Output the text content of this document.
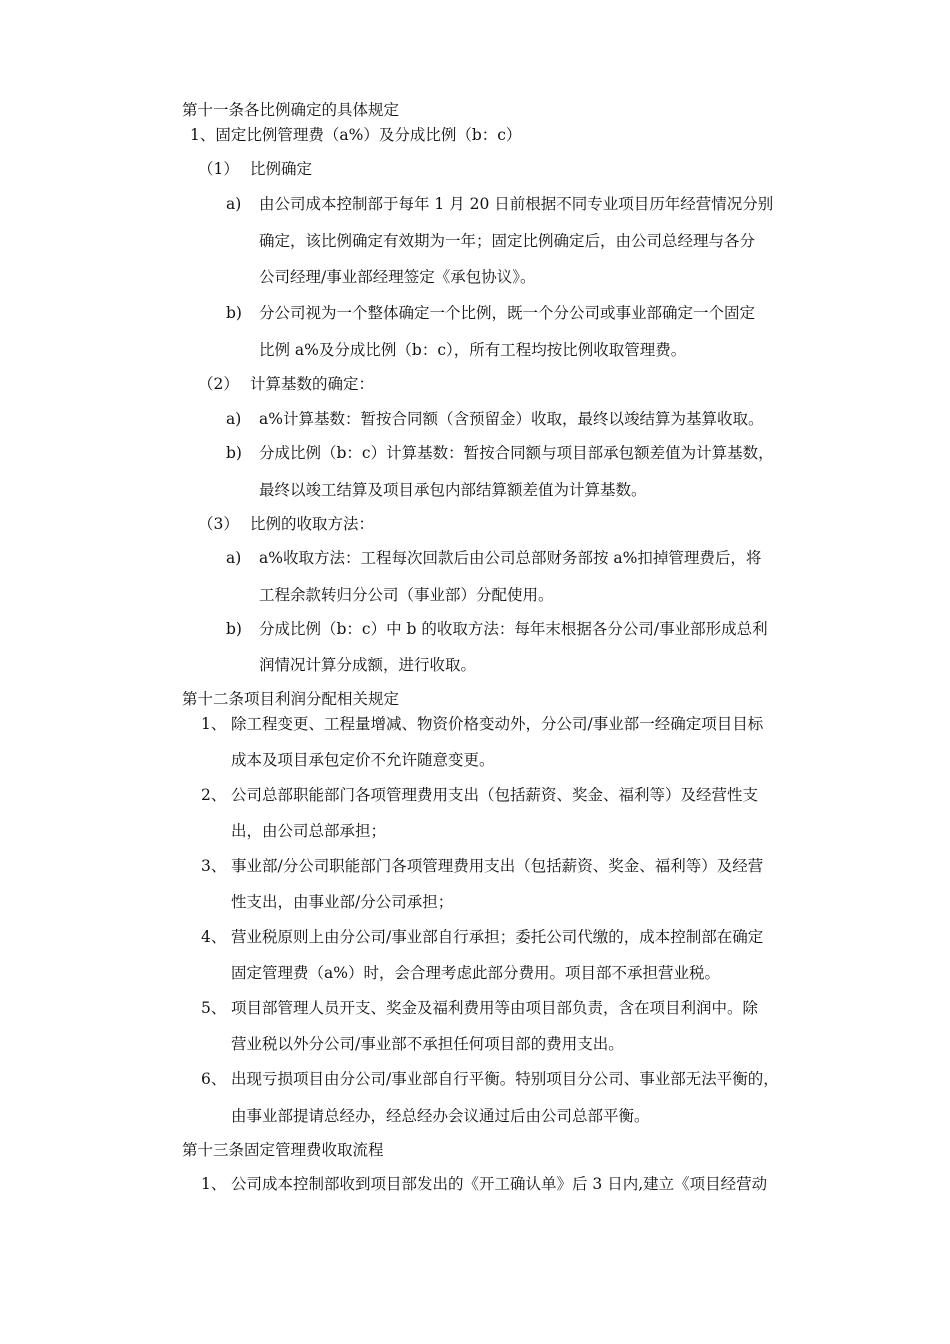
第十一条各比例确定的具体规定
1、固定比例管理费（a%）及分成比例（b：c）
（1） 比例确定
a) 由公司成本控制部于每年 1 月 20 日前根据不同专业项目历年经营情况分别
确定，该比例确定有效期为一年；固定比例确定后，由公司总经理与各分
公司经理/事业部经理签定《承包协议》。
b) 分公司视为一个整体确定一个比例，既一个分公司或事业部确定一个固定
比例 a%及分成比例（b：c），所有工程均按比例收取管理费。
（2） 计算基数的确定：
a) a%计算基数：暂按合同额（含预留金）收取，最终以竣结算为基算收取。
b) 分成比例（b：c）计算基数：暂按合同额与项目部承包额差值为计算基数，
最终以竣工结算及项目承包内部结算额差值为计算基数。
（3） 比例的收取方法：
a) a%收取方法：工程每次回款后由公司总部财务部按 a%扣掉管理费后，将
工程余款转归分公司（事业部）分配使用。
b) 分成比例（b：c）中 b 的收取方法：每年末根据各分公司/事业部形成总利
润情况计算分成额，进行收取。
第十二条项目利润分配相关规定
1、 除工程变更、工程量增减、物资价格变动外，分公司/事业部一经确定项目目标
成本及项目承包定价不允许随意变更。
2、 公司总部职能部门各项管理费用支出（包括薪资、奖金、福利等）及经营性支
出，由公司总部承担；
3、 事业部/分公司职能部门各项管理费用支出（包括薪资、奖金、福利等）及经营
性支出，由事业部/分公司承担；
4、 营业税原则上由分公司/事业部自行承担；委托公司代缴的，成本控制部在确定
固定管理费（a%）时，会合理考虑此部分费用。项目部不承担营业税。
5、 项目部管理人员开支、奖金及福利费用等由项目部负责，含在项目利润中。除
营业税以外分公司/事业部不承担任何项目部的费用支出。
6、 出现亏损项目由分公司/事业部自行平衡。特别项目分公司、事业部无法平衡的，
由事业部提请总经办，经总经办会议通过后由公司总部平衡。
第十三条固定管理费收取流程
1、 公司成本控制部收到项目部发出的《开工确认单》后 3 日内,建立《项目经营动
